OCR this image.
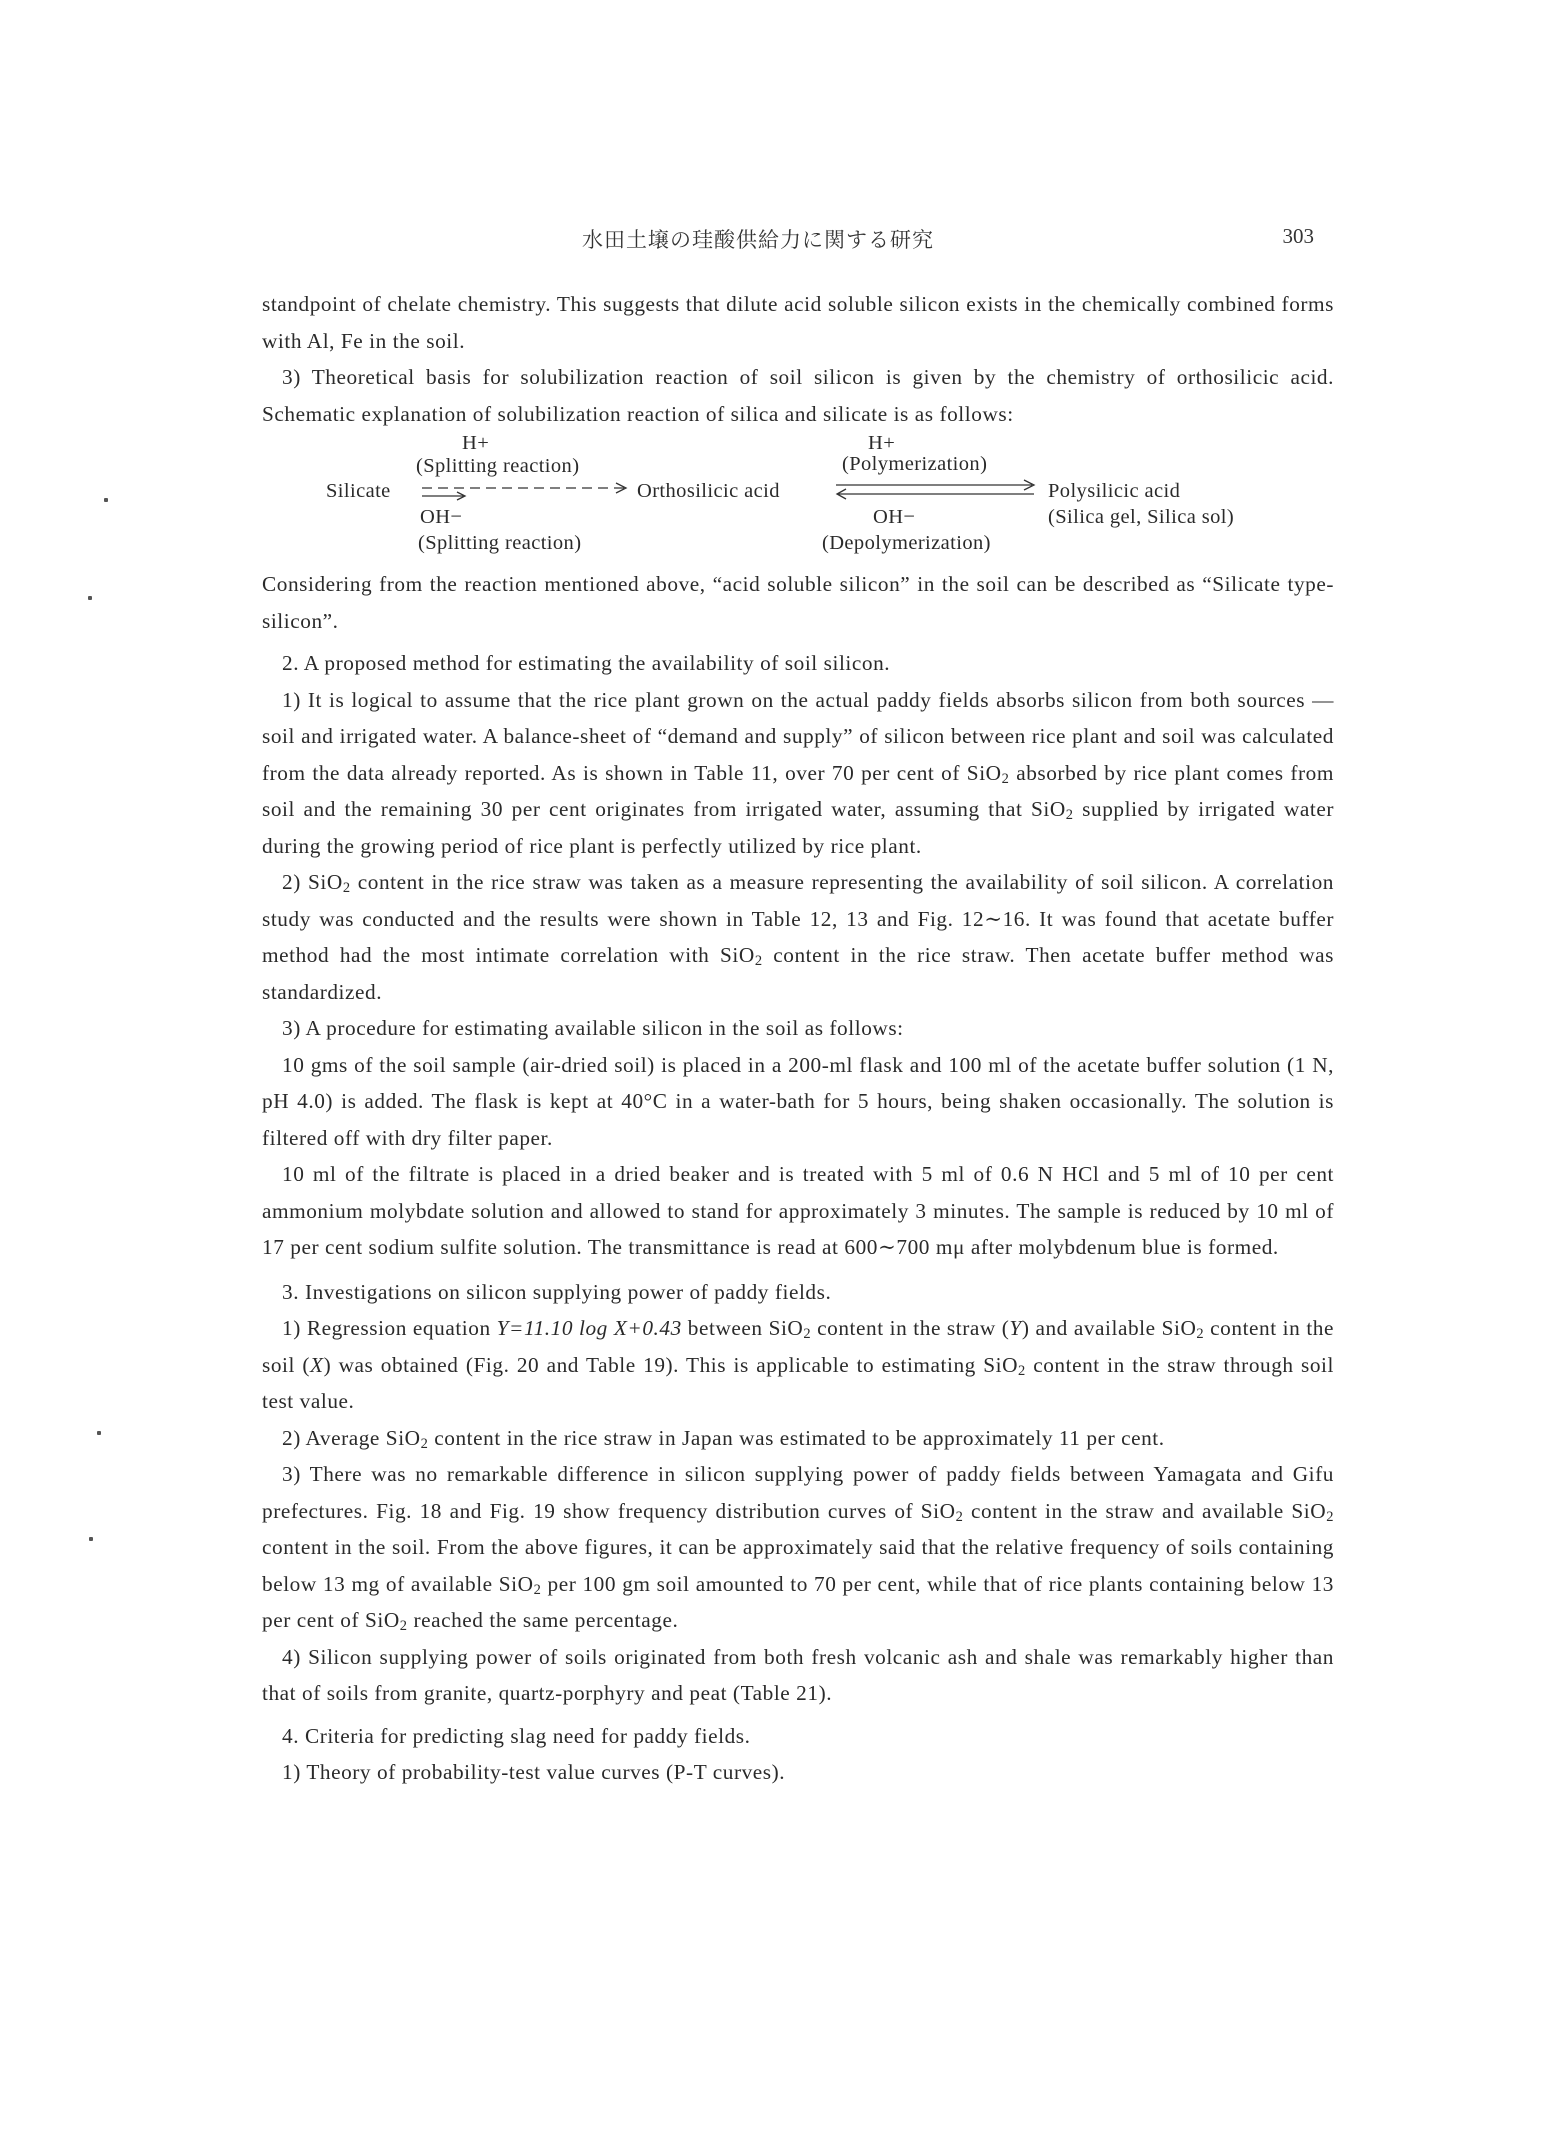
水田土壌の珪酸供給力に関する研究	303

standpoint of chelate chemistry. This suggests that dilute acid soluble silicon exists in the chemically combined forms with Al, Fe in the soil.

3) Theoretical basis for solubilization reaction of soil silicon is given by the chemistry of orthosilicic acid. Schematic explanation of solubilization reaction of silica and silicate is as follows:

H+
(Splitting reaction)
H+
(Polymerization)
Silicate	Orthosilicic acid	Polysilicic acid
OH−	OH−	(Silica gel, Silica sol)
(Splitting reaction)	(Depolymerization)

Considering from the reaction mentioned above, “acid soluble silicon” in the soil can be described as “Silicate type-silicon”.

2. A proposed method for estimating the availability of soil silicon.

1) It is logical to assume that the rice plant grown on the actual paddy fields absorbs silicon from both sources — soil and irrigated water. A balance-sheet of “demand and supply” of silicon between rice plant and soil was calculated from the data already reported. As is shown in Table 11, over 70 per cent of SiO$_2$ absorbed by rice plant comes from soil and the remaining 30 per cent originates from irrigated water, assuming that SiO$_2$ supplied by irrigated water during the growing period of rice plant is perfectly utilized by rice plant.

2) SiO$_2$ content in the rice straw was taken as a measure representing the availability of soil silicon. A correlation study was conducted and the results were shown in Table 12, 13 and Fig. 12∼16. It was found that acetate buffer method had the most intimate correlation with SiO$_2$ content in the rice straw. Then acetate buffer method was standardized.

3) A procedure for estimating available silicon in the soil as follows:

10 gms of the soil sample (air-dried soil) is placed in a 200-ml flask and 100 ml of the acetate buffer solution (1 N, pH 4.0) is added. The flask is kept at 40°C in a water-bath for 5 hours, being shaken occasionally. The solution is filtered off with dry filter paper.

10 ml of the filtrate is placed in a dried beaker and is treated with 5 ml of 0.6 N HCl and 5 ml of 10 per cent ammonium molybdate solution and allowed to stand for approximately 3 minutes. The sample is reduced by 10 ml of 17 per cent sodium sulfite solution. The transmittance is read at 600∼700 mμ after molybdenum blue is formed.

3. Investigations on silicon supplying power of paddy fields.

1) Regression equation Y=11.10 log X+0.43 between SiO$_2$ content in the straw (Y) and available SiO$_2$ content in the soil (X) was obtained (Fig. 20 and Table 19). This is applicable to estimating SiO$_2$ content in the straw through soil test value.

2) Average SiO$_2$ content in the rice straw in Japan was estimated to be approximately 11 per cent.

3) There was no remarkable difference in silicon supplying power of paddy fields between Yamagata and Gifu prefectures. Fig. 18 and Fig. 19 show frequency distribution curves of SiO$_2$ content in the straw and available SiO$_2$ content in the soil. From the above figures, it can be approximately said that the relative frequency of soils containing below 13 mg of available SiO$_2$ per 100 gm soil amounted to 70 per cent, while that of rice plants containing below 13 per cent of SiO$_2$ reached the same percentage.

4) Silicon supplying power of soils originated from both fresh volcanic ash and shale was remarkably higher than that of soils from granite, quartz-porphyry and peat (Table 21).

4. Criteria for predicting slag need for paddy fields.

1) Theory of probability-test value curves (P-T curves).
